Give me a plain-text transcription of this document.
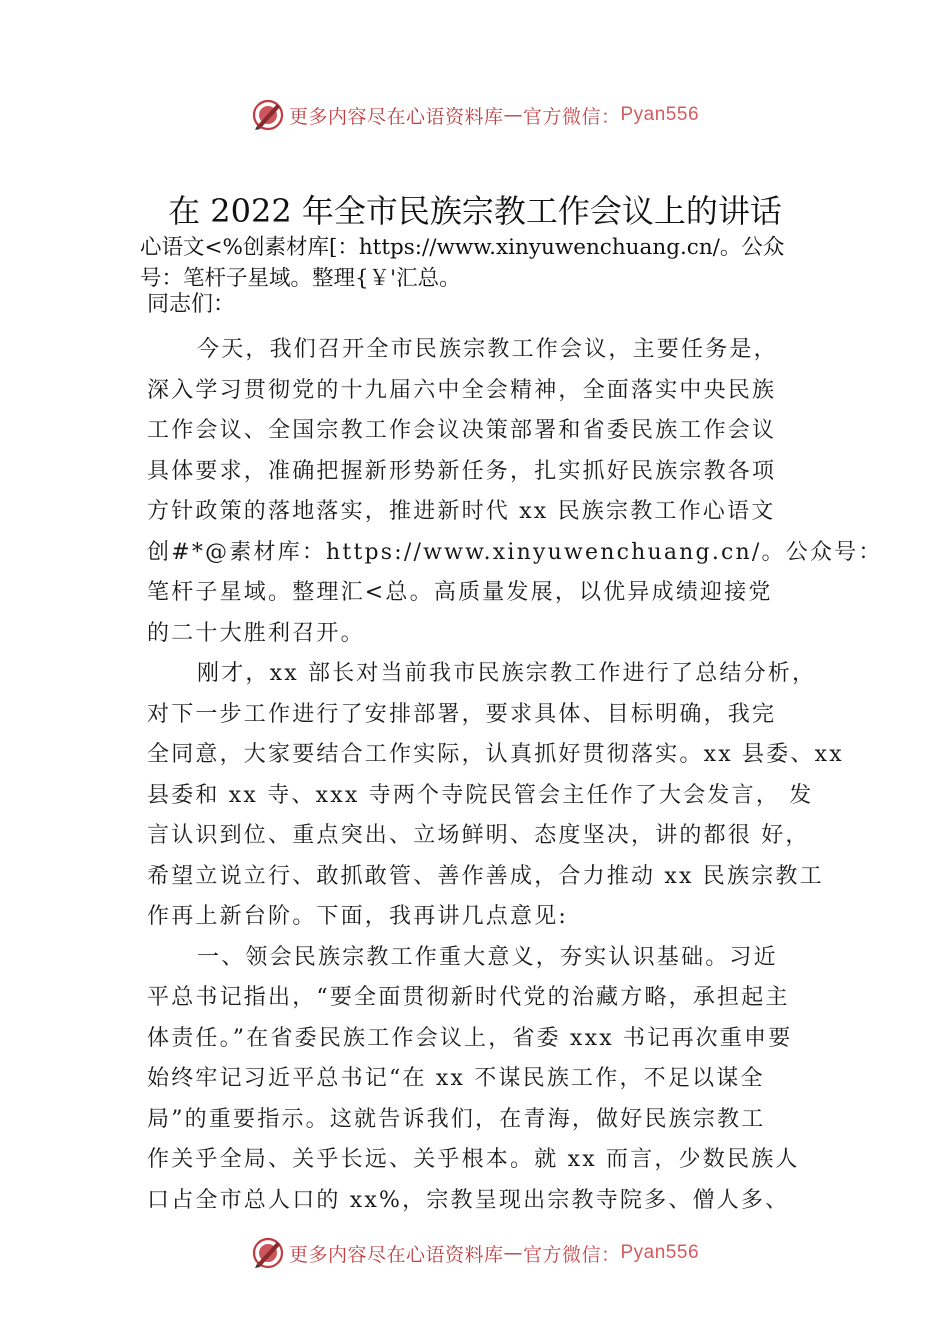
更多内容尽在心语资料库 — 官方微信： Pyan556
在 2022 年全市民族宗教工作会议上的讲话
心语文<%创素材库[：https://www.xinyuwenchuang.cn/。公众
号：笔杆子星域。整理{￥'汇总。
同志们：
今天，我们召开全市民族宗教工作会议，主要任务是，
深入学习贯彻党的十九届六中全会精神，全面落实中央民族
工作会议、全国宗教工作会议决策部署和省委民族工作会议
具体要求，准确把握新形势新任务，扎实抓好民族宗教各项
方针政策的落地落实，推进新时代 xx 民族宗教工作心语文
创#*@素材库：https://www.xinyuwenchuang.cn/。公众号：
笔杆子星域。整理汇<总。高质量发展，以优异成绩迎接党
的二十大胜利召开。
刚才，xx 部长对当前我市民族宗教工作进行了总结分析，
对下一步工作进行了安排部署，要求具体、目标明确，我完
全同意，大家要结合工作实际，认真抓好贯彻落实。xx 县委、xx
县委和 xx 寺、xxx 寺两个寺院民管会主任作了大会发言， 发
言认识到位、重点突出、立场鲜明、态度坚决，讲的都很 好，
希望立说立行、敢抓敢管、善作善成，合力推动 xx 民族宗教工
作再上新台阶。下面，我再讲几点意见:
一、领会民族宗教工作重大意义，夯实认识基础。习近
平总书记指出，“要全面贯彻新时代党的治藏方略，承担起主
体责任。”在省委民族工作会议上，省委 xxx 书记再次重申要
始终牢记习近平总书记“在 xx 不谋民族工作，不足以谋全
局”的重要指示。这就告诉我们，在青海，做好民族宗教工
作关乎全局、关乎长远、关乎根本。就 xx 而言，少数民族人
口占全市总人口的 xx%，宗教呈现出宗教寺院多、僧人多、
更多内容尽在心语资料库 — 官方微信： Pyan556
